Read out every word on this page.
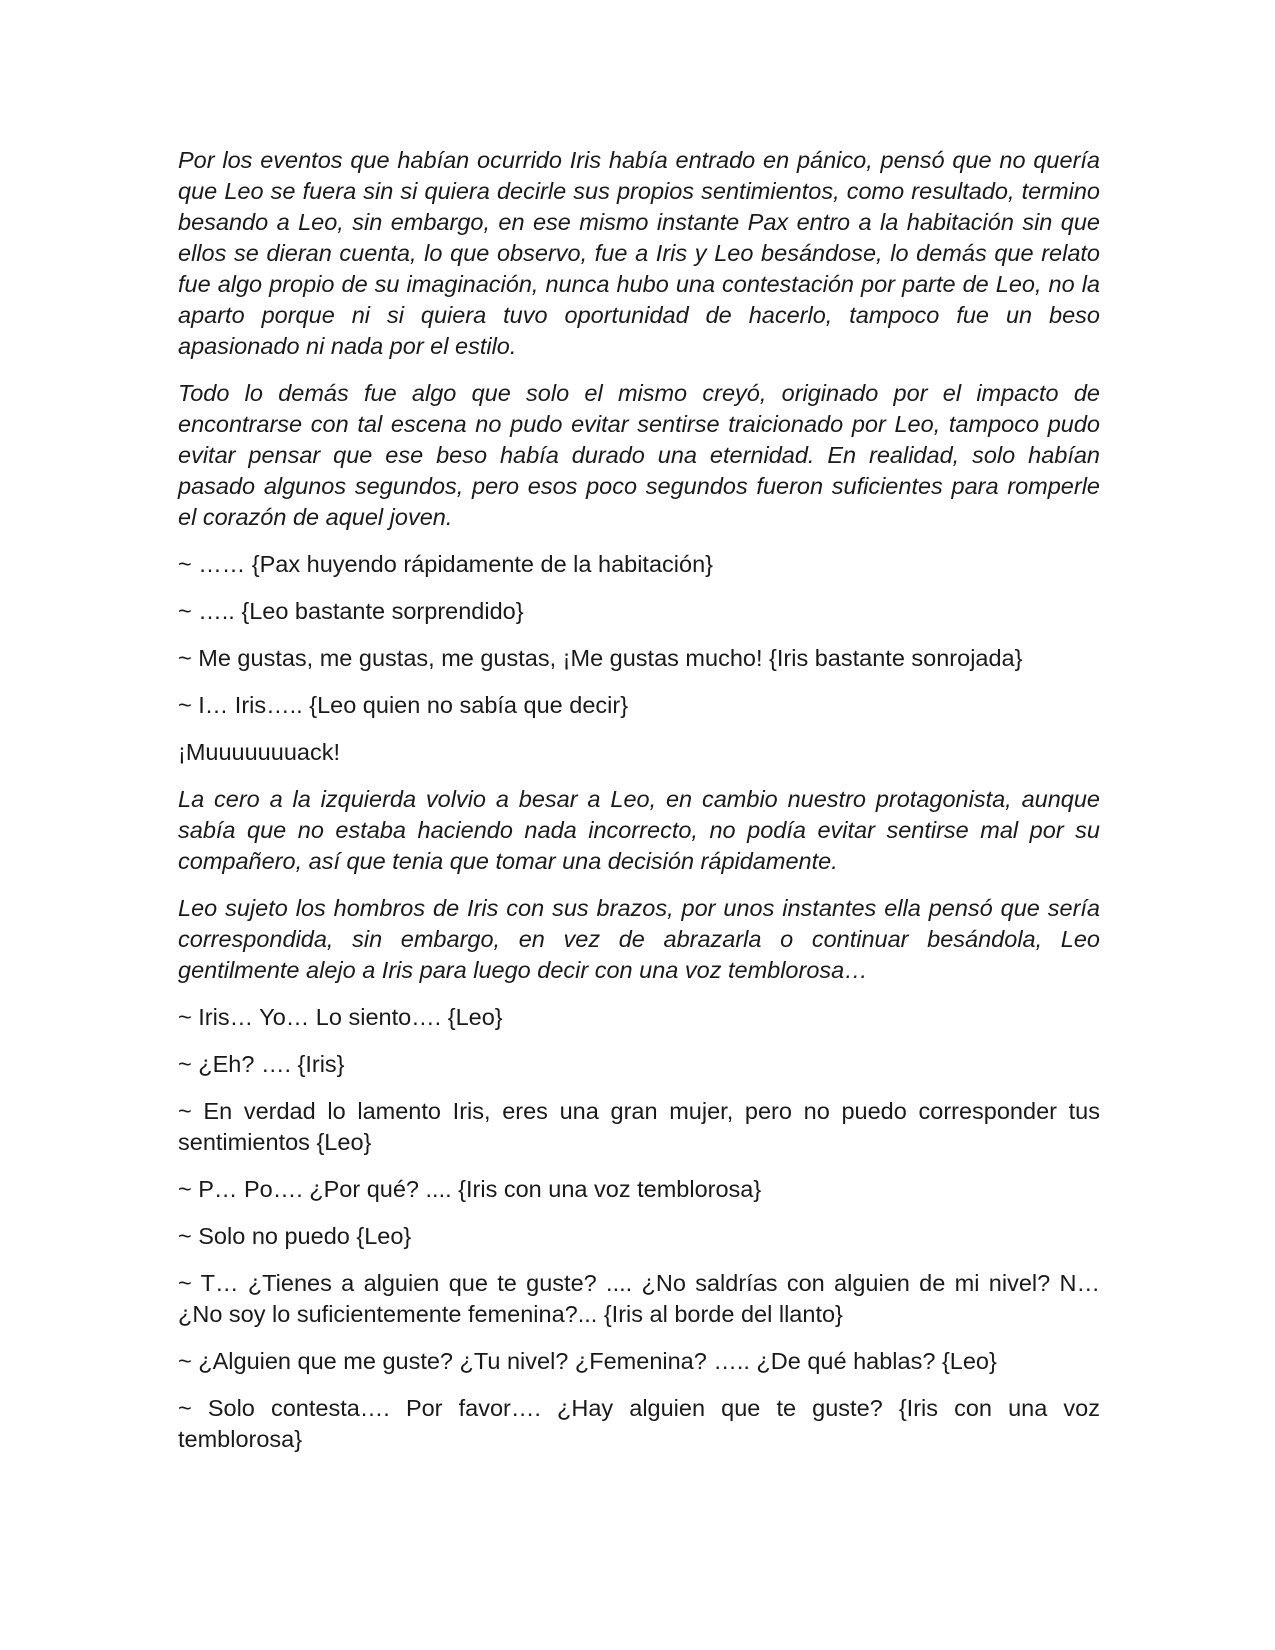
Por los eventos que habían ocurrido Iris había entrado en pánico, pensó que no quería que Leo se fuera sin si quiera decirle sus propios sentimientos, como resultado, termino besando a Leo, sin embargo, en ese mismo instante Pax entro a la habitación sin que ellos se dieran cuenta, lo que observo, fue a Iris y Leo besándose, lo demás que relato fue algo propio de su imaginación, nunca hubo una contestación por parte de Leo, no la aparto porque ni si quiera tuvo oportunidad de hacerlo, tampoco fue un beso apasionado ni nada por el estilo.

Todo lo demás fue algo que solo el mismo creyó, originado por el impacto de encontrarse con tal escena no pudo evitar sentirse traicionado por Leo, tampoco pudo evitar pensar que ese beso había durado una eternidad. En realidad, solo habían pasado algunos segundos, pero esos poco segundos fueron suficientes para romperle el corazón de aquel joven.

~ …… {Pax huyendo rápidamente de la habitación}

~ ….. {Leo bastante sorprendido}

~ Me gustas, me gustas, me gustas, ¡Me gustas mucho! {Iris bastante sonrojada}

~ I… Iris….. {Leo quien no sabía que decir}

¡Muuuuuuuack!

La cero a la izquierda volvio a besar a Leo, en cambio nuestro protagonista, aunque sabía que no estaba haciendo nada incorrecto, no podía evitar sentirse mal por su compañero, así que tenia que tomar una decisión rápidamente.

Leo sujeto los hombros de Iris con sus brazos, por unos instantes ella pensó que sería correspondida, sin embargo, en vez de abrazarla o continuar besándola, Leo gentilmente alejo a Iris para luego decir con una voz temblorosa…

~ Iris… Yo… Lo siento…. {Leo}

~ ¿Eh? …. {Iris}

~ En verdad lo lamento Iris, eres una gran mujer, pero no puedo corresponder tus sentimientos {Leo}

~ P… Po…. ¿Por qué? .... {Iris con una voz temblorosa}

~ Solo no puedo {Leo}

~ T… ¿Tienes a alguien que te guste? .... ¿No saldrías con alguien de mi nivel? N… ¿No soy lo suficientemente femenina?... {Iris al borde del llanto}

~ ¿Alguien que me guste? ¿Tu nivel? ¿Femenina? ….. ¿De qué hablas? {Leo}

~ Solo contesta…. Por favor…. ¿Hay alguien que te guste? {Iris con una voz temblorosa}
